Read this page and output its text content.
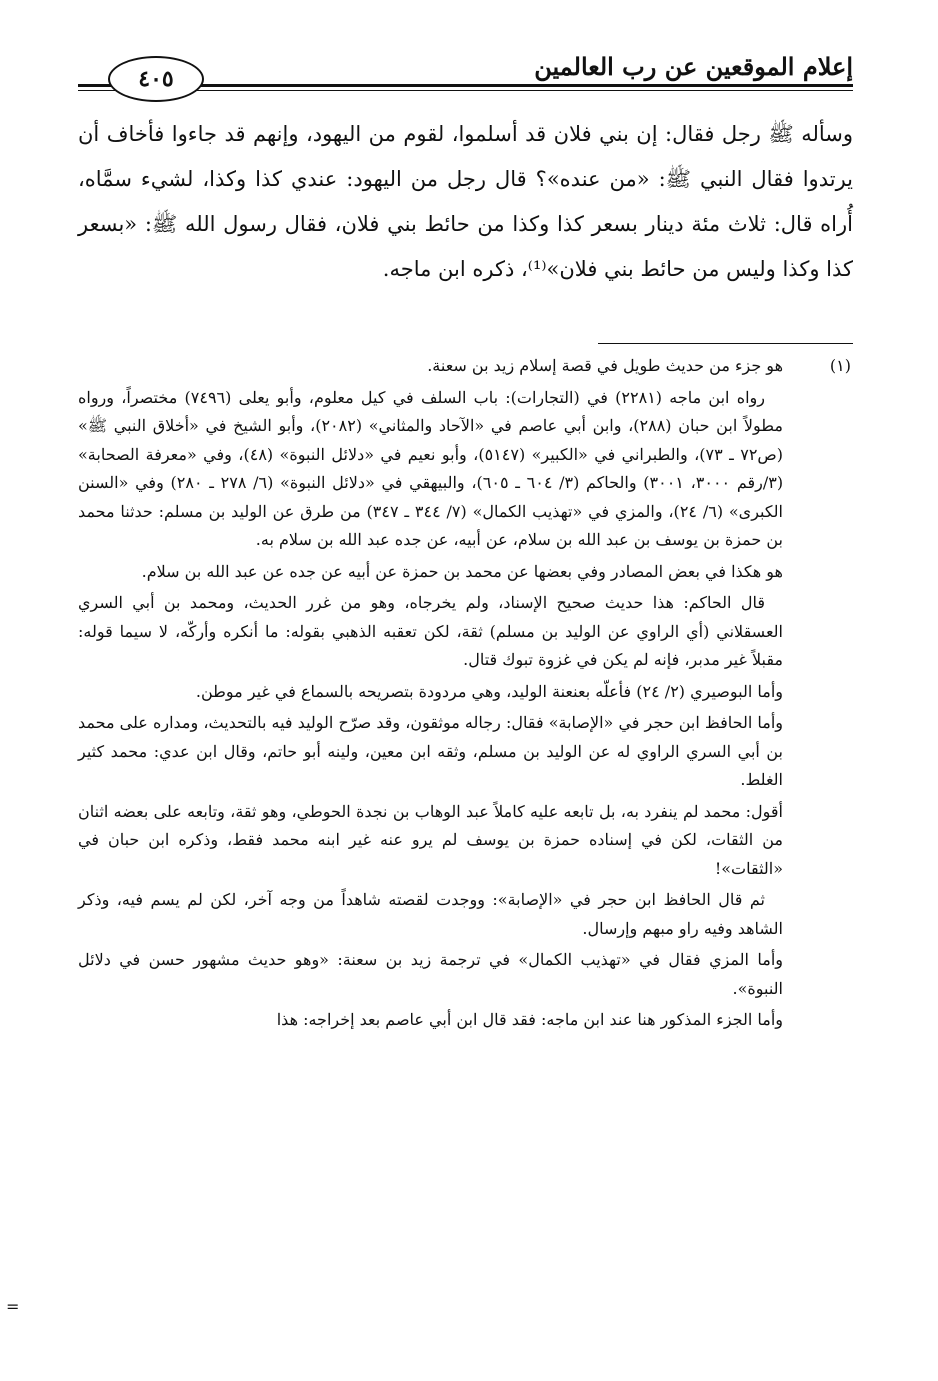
إعلام الموقعين عن رب العالمين
٤٠٥

وسأله ﷺ رجل فقال: إن بني فلان قد أسلموا، لقوم من اليهود، وإنهم قد جاءوا فأخاف أن يرتدوا فقال النبي ﷺ: «من عنده»؟ قال رجل من اليهود: عندي كذا وكذا، لشيء سمَّاه، أُراه قال: ثلاث مئة دينار بسعر كذا وكذا من حائط بني فلان، فقال رسول الله ﷺ: «بسعر كذا وكذا وليس من حائط بني فلان»⁽¹⁾، ذكره ابن ماجه.

(١)

هو جزء من حديث طويل في قصة إسلام زيد بن سعنة.

رواه ابن ماجه (٢٢٨١) في (التجارات): باب السلف في كيل معلوم، وأبو يعلى (٧٤٩٦) مختصراً، ورواه مطولاً ابن حبان (٢٨٨)، وابن أبي عاصم في «الآحاد والمثاني» (٢٠٨٢)، وأبو الشيخ في «أخلاق النبي ﷺ» (ص٧٢ ـ ٧٣)، والطبراني في «الكبير» (٥١٤٧)، وأبو نعيم في «دلائل النبوة» (٤٨)، وفي «معرفة الصحابة» (٣/رقم ٣٠٠٠، ٣٠٠١) والحاكم (٣/ ٦٠٤ ـ ٦٠٥)، والبيهقي في «دلائل النبوة» (٦/ ٢٧٨ ـ ٢٨٠) وفي «السنن الكبرى» (٦/ ٢٤)، والمزي في «تهذيب الكمال» (٧/ ٣٤٤ ـ ٣٤٧) من طرق عن الوليد بن مسلم: حدثنا محمد بن حمزة بن يوسف بن عبد الله بن سلام، عن أبيه، عن جده عبد الله بن سلام به.

هو هكذا في بعض المصادر وفي بعضها عن محمد بن حمزة عن أبيه عن جده عن عبد الله بن سلام.

قال الحاكم: هذا حديث صحيح الإسناد، ولم يخرجاه، وهو من غرر الحديث، ومحمد بن أبي السري العسقلاني (أي الراوي عن الوليد بن مسلم) ثقة، لكن تعقبه الذهبي بقوله: ما أنكره وأركّه، لا سيما قوله: مقبلاً غير مدبر، فإنه لم يكن في غزوة تبوك قتال.

وأما البوصيري (٢/ ٢٤) فأعلّه بعنعنة الوليد، وهي مردودة بتصريحه بالسماع في غير موطن.

وأما الحافظ ابن حجر في «الإصابة» فقال: رجاله موثقون، وقد صرّح الوليد فيه بالتحديث، ومداره على محمد بن أبي السري الراوي له عن الوليد بن مسلم، وثقه ابن معين، ولينه أبو حاتم، وقال ابن عدي: محمد كثير الغلط.

أقول: محمد لم ينفرد به، بل تابعه عليه كاملاً عبد الوهاب بن نجدة الحوطي، وهو ثقة، وتابعه على بعضه اثنان من الثقات، لكن في إسناده حمزة بن يوسف لم يرو عنه غير ابنه محمد فقط، وذكره ابن حبان في «الثقات»!

ثم قال الحافظ ابن حجر في «الإصابة»: ووجدت لقصته شاهداً من وجه آخر، لكن لم يسم فيه، وذكر الشاهد وفيه راو مبهم وإرسال.

وأما المزي فقال في «تهذيب الكمال» في ترجمة زيد بن سعنة: «وهو حديث مشهور حسن في دلائل النبوة».

وأما الجزء المذكور هنا عند ابن ماجه: فقد قال ابن أبي عاصم بعد إخراجه: هذا

=
